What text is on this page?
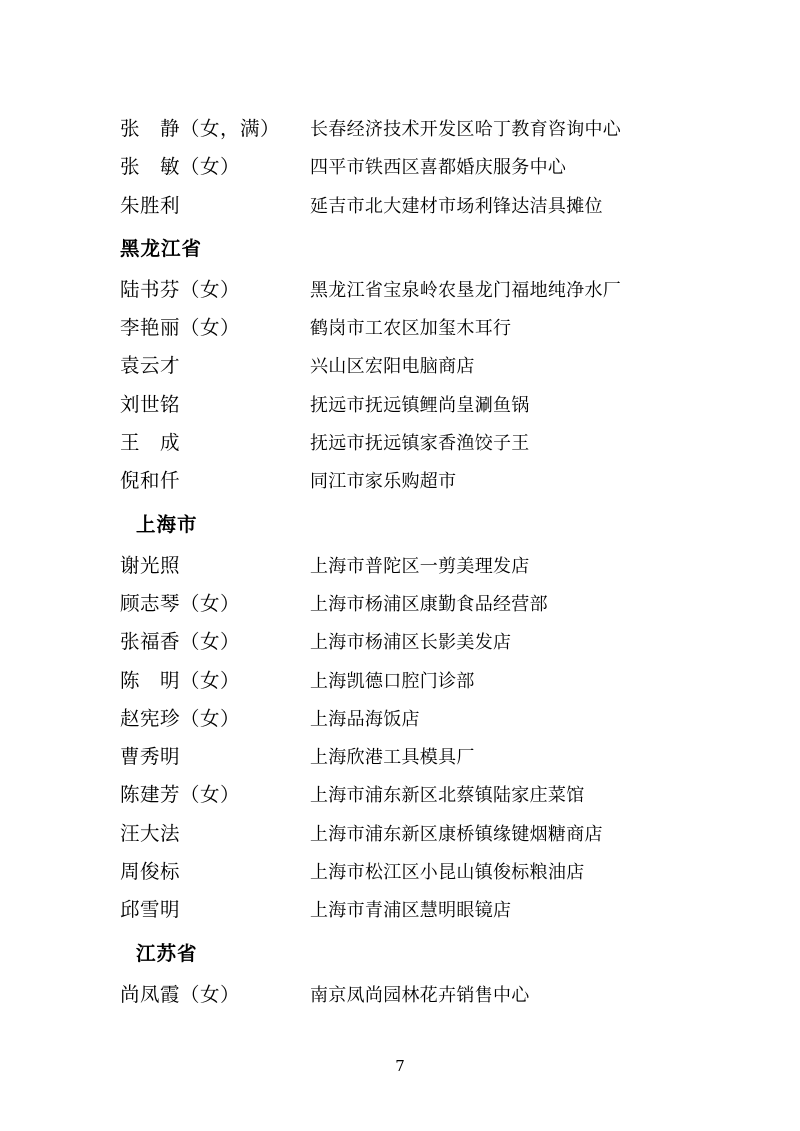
张　静（女，满）	长春经济技术开发区哈丁教育咨询中心
张　敏（女）	四平市铁西区喜都婚庆服务中心
朱胜利	延吉市北大建材市场利锋达洁具摊位
黑龙江省
陆书芬（女）	黑龙江省宝泉岭农垦龙门福地纯净水厂
李艳丽（女）	鹤岗市工农区加玺木耳行
袁云才	兴山区宏阳电脑商店
刘世铭	抚远市抚远镇鲤尚皇涮鱼锅
王　成	抚远市抚远镇家香渔饺子王
倪和仟	同江市家乐购超市
上海市
谢光照	上海市普陀区一剪美理发店
顾志琴（女）	上海市杨浦区康勤食品经营部
张福香（女）	上海市杨浦区长影美发店
陈　明（女）	上海凯德口腔门诊部
赵宪珍（女）	上海品海饭店
曹秀明	上海欣港工具模具厂
陈建芳（女）	上海市浦东新区北蔡镇陆家庄菜馆
汪大法	上海市浦东新区康桥镇缘键烟糖商店
周俊标	上海市松江区小昆山镇俊标粮油店
邱雪明	上海市青浦区慧明眼镜店
江苏省
尚凤霞（女）	南京凤尚园林花卉销售中心
7
